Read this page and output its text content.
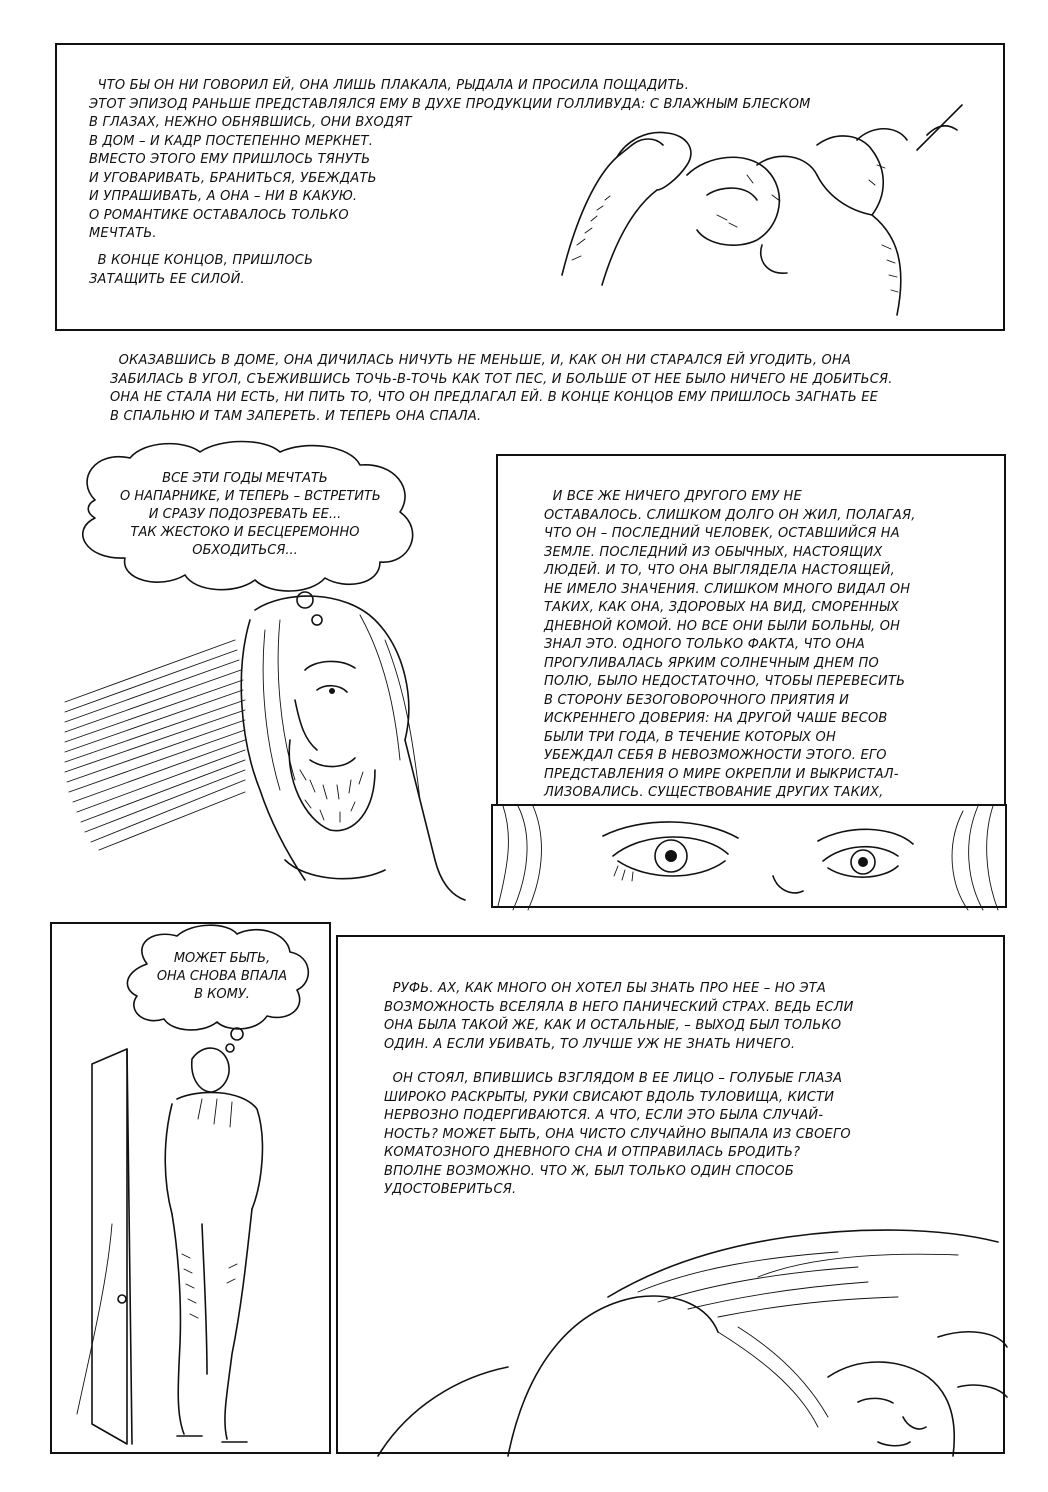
ЧТО БЫ ОН НИ ГОВОРИЛ ЕЙ, ОНА ЛИШЬ ПЛАКАЛА, РЫДАЛА И ПРОСИЛА ПОЩАДИТЬ.

ЭТОТ ЭПИЗОД РАНЬШЕ ПРЕДСТАВЛЯЛСЯ ЕМУ В ДУХЕ ПРОДУКЦИИ ГОЛЛИВУДА: С ВЛАЖНЫМ БЛЕСКОМ

В ГЛАЗАХ, НЕЖНО ОБНЯВШИСЬ, ОНИ ВХОДЯТ

В ДОМ – И КАДР ПОСТЕПЕННО МЕРКНЕТ.

ВМЕСТО ЭТОГО ЕМУ ПРИШЛОСЬ ТЯНУТЬ

И УГОВАРИВАТЬ, БРАНИТЬСЯ, УБЕЖДАТЬ

И УПРАШИВАТЬ, А ОНА – НИ В КАКУЮ.

О РОМАНТИКЕ ОСТАВАЛОСЬ ТОЛЬКО

МЕЧТАТЬ.

В КОНЦЕ КОНЦОВ, ПРИШЛОСЬ

ЗАТАЩИТЬ ЕЕ СИЛОЙ.

ОКАЗАВШИСЬ В ДОМЕ, ОНА ДИЧИЛАСЬ НИЧУТЬ НЕ МЕНЬШЕ, И, КАК ОН НИ СТАРАЛСЯ ЕЙ УГОДИТЬ, ОНА

ЗАБИЛАСЬ В УГОЛ, СЪЕЖИВШИСЬ ТОЧЬ-В-ТОЧЬ КАК ТОТ ПЕС, И БОЛЬШЕ ОТ НЕЕ БЫЛО НИЧЕГО НЕ ДОБИТЬСЯ.

ОНА НЕ СТАЛА НИ ЕСТЬ, НИ ПИТЬ ТО, ЧТО ОН ПРЕДЛАГАЛ ЕЙ. В КОНЦЕ КОНЦОВ ЕМУ ПРИШЛОСЬ ЗАГНАТЬ ЕЕ

В СПАЛЬНЮ И ТАМ ЗАПЕРЕТЬ. И ТЕПЕРЬ ОНА СПАЛА.

ВСЕ ЭТИ ГОДЫ МЕЧТАТЬ

О НАПАРНИКЕ, И ТЕПЕРЬ – ВСТРЕТИТЬ

И СРАЗУ ПОДОЗРЕВАТЬ ЕЕ...

ТАК ЖЕСТОКО И БЕСЦЕРЕМОННО

ОБХОДИТЬСЯ...

И ВСЕ ЖЕ НИЧЕГО ДРУГОГО ЕМУ НЕ

ОСТАВАЛОСЬ. СЛИШКОМ ДОЛГО ОН ЖИЛ, ПОЛАГАЯ,

ЧТО ОН – ПОСЛЕДНИЙ ЧЕЛОВЕК, ОСТАВШИЙСЯ НА

ЗЕМЛЕ. ПОСЛЕДНИЙ ИЗ ОБЫЧНЫХ, НАСТОЯЩИХ

ЛЮДЕЙ. И ТО, ЧТО ОНА ВЫГЛЯДЕЛА НАСТОЯЩЕЙ,

НЕ ИМЕЛО ЗНАЧЕНИЯ. СЛИШКОМ МНОГО ВИДАЛ ОН

ТАКИХ, КАК ОНА, ЗДОРОВЫХ НА ВИД, СМОРЕННЫХ

ДНЕВНОЙ КОМОЙ. НО ВСЕ ОНИ БЫЛИ БОЛЬНЫ, ОН

ЗНАЛ ЭТО. ОДНОГО ТОЛЬКО ФАКТА, ЧТО ОНА

ПРОГУЛИВАЛАСЬ ЯРКИМ СОЛНЕЧНЫМ ДНЕМ ПО

ПОЛЮ, БЫЛО НЕДОСТАТОЧНО, ЧТОБЫ ПЕРЕВЕСИТЬ

В СТОРОНУ БЕЗОГОВОРОЧНОГО ПРИЯТИЯ И

ИСКРЕННЕГО ДОВЕРИЯ: НА ДРУГОЙ ЧАШЕ ВЕСОВ

БЫЛИ ТРИ ГОДА, В ТЕЧЕНИЕ КОТОРЫХ ОН

УБЕЖДАЛ СЕБЯ В НЕВОЗМОЖНОСТИ ЭТОГО. ЕГО

ПРЕДСТАВЛЕНИЯ О МИРЕ ОКРЕПЛИ И ВЫКРИСТАЛ-

ЛИЗОВАЛИСЬ. СУЩЕСТВОВАНИЕ ДРУГИХ ТАКИХ,

МОЖЕТ БЫТЬ,

ОНА СНОВА ВПАЛА

В КОМУ.	РУФЬ. АХ, КАК МНОГО ОН ХОТЕЛ БЫ ЗНАТЬ ПРО НЕЕ – НО ЭТА

ВОЗМОЖНОСТЬ ВСЕЛЯЛА В НЕГО ПАНИЧЕСКИЙ СТРАХ. ВЕДЬ ЕСЛИ

ОНА БЫЛА ТАКОЙ ЖЕ, КАК И ОСТАЛЬНЫЕ, – ВЫХОД БЫЛ ТОЛЬКО

ОДИН. А ЕСЛИ УБИВАТЬ, ТО ЛУЧШЕ УЖ НЕ ЗНАТЬ НИЧЕГО.

ОН СТОЯЛ, ВПИВШИСЬ ВЗГЛЯДОМ В ЕЕ ЛИЦО – ГОЛУБЫЕ ГЛАЗА

ШИРОКО РАСКРЫТЫ, РУКИ СВИСАЮТ ВДОЛЬ ТУЛОВИЩА, КИСТИ

НЕРВОЗНО ПОДЕРГИВАЮТСЯ. А ЧТО, ЕСЛИ ЭТО БЫЛА СЛУЧАЙ-

НОСТЬ? МОЖЕТ БЫТЬ, ОНА ЧИСТО СЛУЧАЙНО ВЫПАЛА ИЗ СВОЕГО

КОМАТОЗНОГО ДНЕВНОГО СНА И ОТПРАВИЛАСЬ БРОДИТЬ?

ВПОЛНЕ ВОЗМОЖНО. ЧТО Ж, БЫЛ ТОЛЬКО ОДИН СПОСОБ

УДОСТОВЕРИТЬСЯ.
